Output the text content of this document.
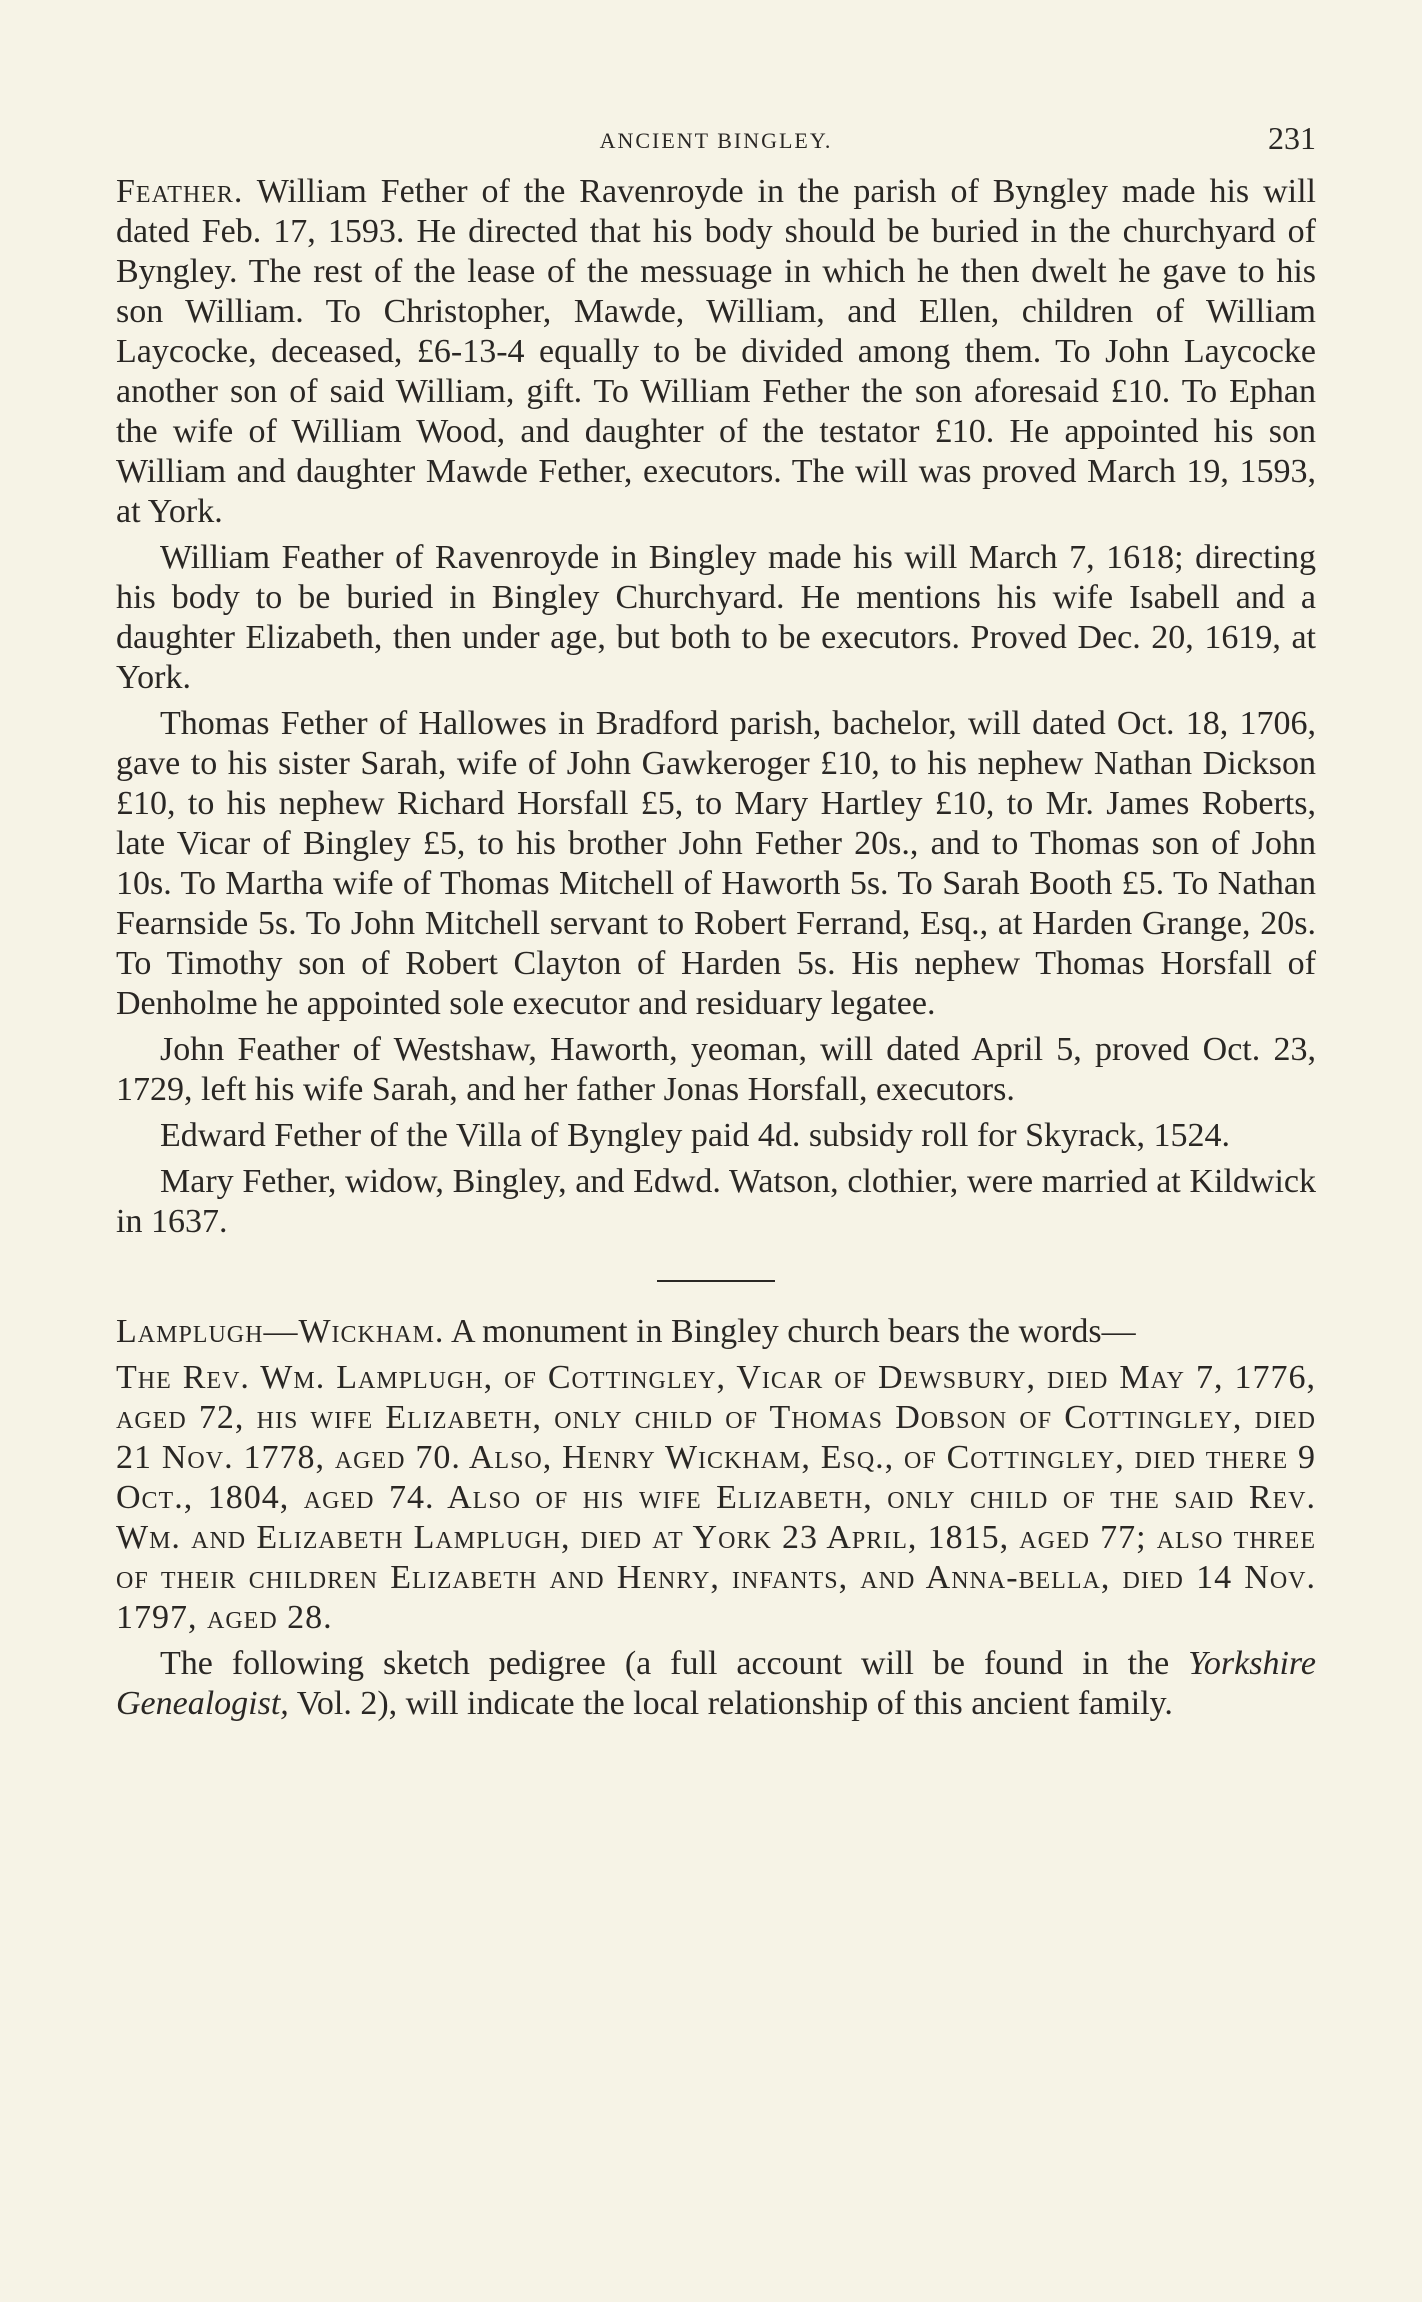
ANCIENT BINGLEY.	231

Feather. William Fether of the Ravenroyde in the parish of Byngley made his will dated Feb. 17, 1593. He directed that his body should be buried in the churchyard of Byngley. The rest of the lease of the messuage in which he then dwelt he gave to his son William. To Christopher, Mawde, William, and Ellen, children of William Laycocke, deceased, £6-13-4 equally to be divided among them. To John Laycocke another son of said William, gift. To William Fether the son aforesaid £10. To Ephan the wife of William Wood, and daughter of the testator £10. He appointed his son William and daughter Mawde Fether, executors. The will was proved March 19, 1593, at York.

William Feather of Ravenroyde in Bingley made his will March 7, 1618; directing his body to be buried in Bingley Churchyard. He mentions his wife Isabell and a daughter Elizabeth, then under age, but both to be executors. Proved Dec. 20, 1619, at York.

Thomas Fether of Hallowes in Bradford parish, bachelor, will dated Oct. 18, 1706, gave to his sister Sarah, wife of John Gawkeroger £10, to his nephew Nathan Dickson £10, to his nephew Richard Horsfall £5, to Mary Hartley £10, to Mr. James Roberts, late Vicar of Bingley £5, to his brother John Fether 20s., and to Thomas son of John 10s. To Martha wife of Thomas Mitchell of Haworth 5s. To Sarah Booth £5. To Nathan Fearnside 5s. To John Mitchell servant to Robert Ferrand, Esq., at Harden Grange, 20s. To Timothy son of Robert Clayton of Harden 5s. His nephew Thomas Horsfall of Denholme he appointed sole executor and residuary legatee.

John Feather of Westshaw, Haworth, yeoman, will dated April 5, proved Oct. 23, 1729, left his wife Sarah, and her father Jonas Horsfall, executors.

Edward Fether of the Villa of Byngley paid 4d. subsidy roll for Skyrack, 1524.

Mary Fether, widow, Bingley, and Edwd. Watson, clothier, were married at Kildwick in 1637.

Lamplugh—Wickham. A monument in Bingley church bears the words—

The Rev. Wm. Lamplugh, of Cottingley, Vicar of Dewsbury, died May 7, 1776, aged 72, his wife Elizabeth, only child of Thomas Dobson of Cottingley, died 21 Nov. 1778, aged 70. Also, Henry Wickham, Esq., of Cottingley, died there 9 Oct., 1804, aged 74. Also of his wife Elizabeth, only child of the said Rev. Wm. and Elizabeth Lamplugh, died at York 23 April, 1815, aged 77; also three of their children Elizabeth and Henry, infants, and Anna-bella, died 14 Nov. 1797, aged 28.

The following sketch pedigree (a full account will be found in the Yorkshire Genealogist, Vol. 2), will indicate the local relationship of this ancient family.
